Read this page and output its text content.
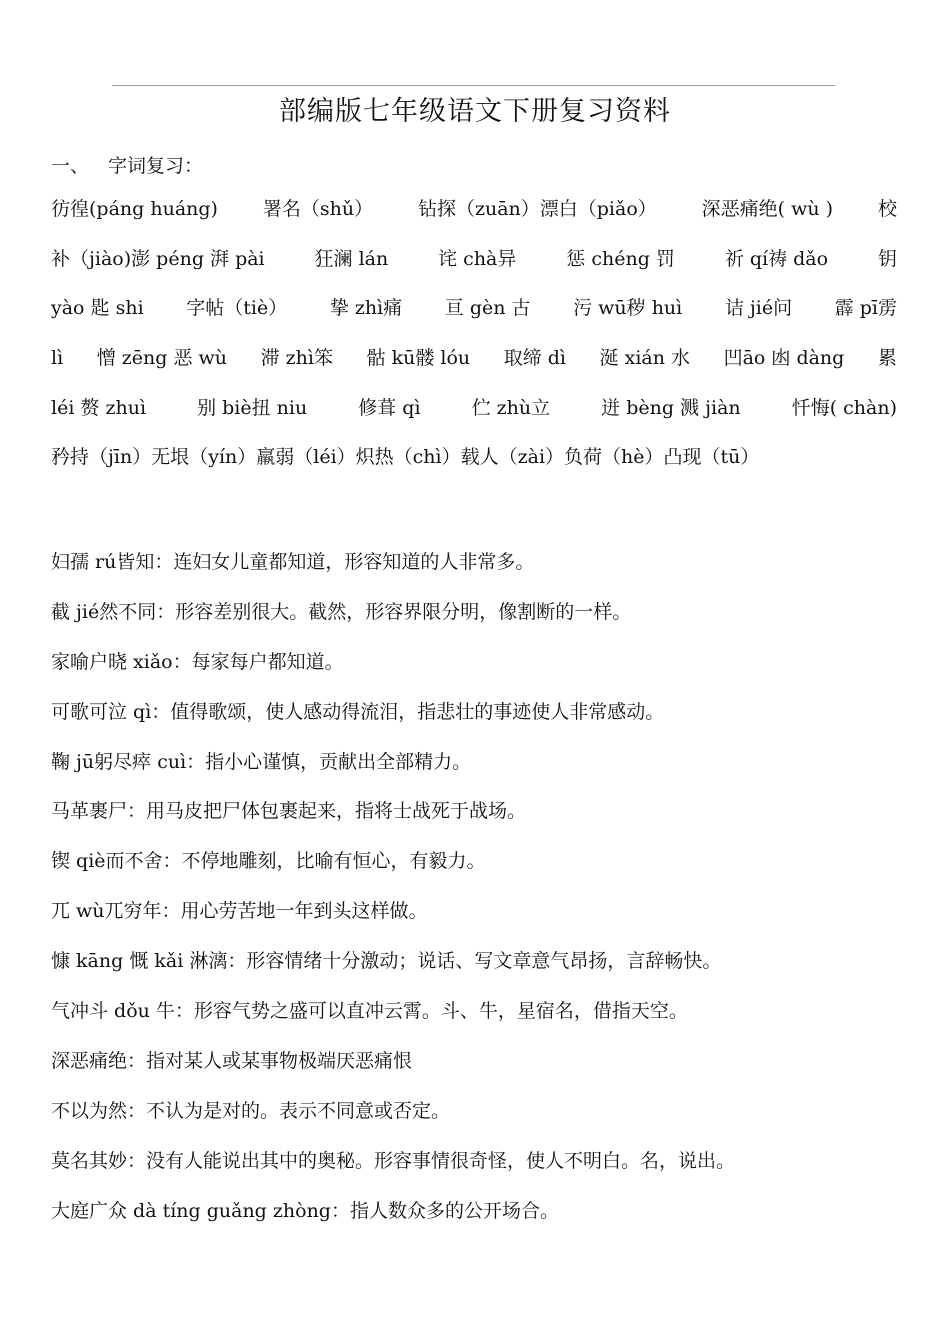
部编版七年级语文下册复习资料
一、 字词复习：
彷徨(páng huáng) 署名（shǔ） 钻探（zuān）漂白（piǎo） 深恶痛绝( wù ) 校
补（jiào)澎 péng 湃 pài	狂澜 lán	诧 chà异	惩 chéng 罚	祈 qí祷 dǎo	钥
yào 匙 shi 字帖（tiè） 挚 zhì痛 亘 gèn 古 污 wū秽 huì 诘 jié问 霹 pī雳
lì 憎 zēng 恶 wù 滞 zhì笨 骷 kū髅 lóu 取缔 dì 涎 xián 水 凹āo 凼 dàng 累
léi 赘 zhuì	别 biè扭 niu	修葺 qì	伫 zhù立	迸 bèng 溅 jiàn	忏悔( chàn)
矜持（jīn）无垠（yín）羸弱（léi）炽热（chì）载人（zài）负荷（hè）凸现（tū）
妇孺 rú皆知：连妇女儿童都知道，形容知道的人非常多。
截 jié然不同：形容差别很大。截然，形容界限分明，像割断的一样。
家喻户晓 xiǎo：每家每户都知道。
可歌可泣 qì：值得歌颂，使人感动得流泪，指悲壮的事迹使人非常感动。
鞠 jū躬尽瘁 cuì：指小心谨慎，贡献出全部精力。
马革裹尸：用马皮把尸体包裹起来，指将士战死于战场。
锲 qiè而不舍：不停地雕刻，比喻有恒心，有毅力。
兀 wù兀穷年：用心劳苦地一年到头这样做。
慷 kāng 慨 kǎi 淋漓：形容情绪十分激动；说话、写文章意气昂扬，言辞畅快。
气冲斗 dǒu 牛：形容气势之盛可以直冲云霄。斗、牛，星宿名，借指天空。
深恶痛绝：指对某人或某事物极端厌恶痛恨
不以为然：不认为是对的。表示不同意或否定。
莫名其妙：没有人能说出其中的奥秘。形容事情很奇怪，使人不明白。名，说出。
大庭广众 dà tíng guǎng zhòng：指人数众多的公开场合。
